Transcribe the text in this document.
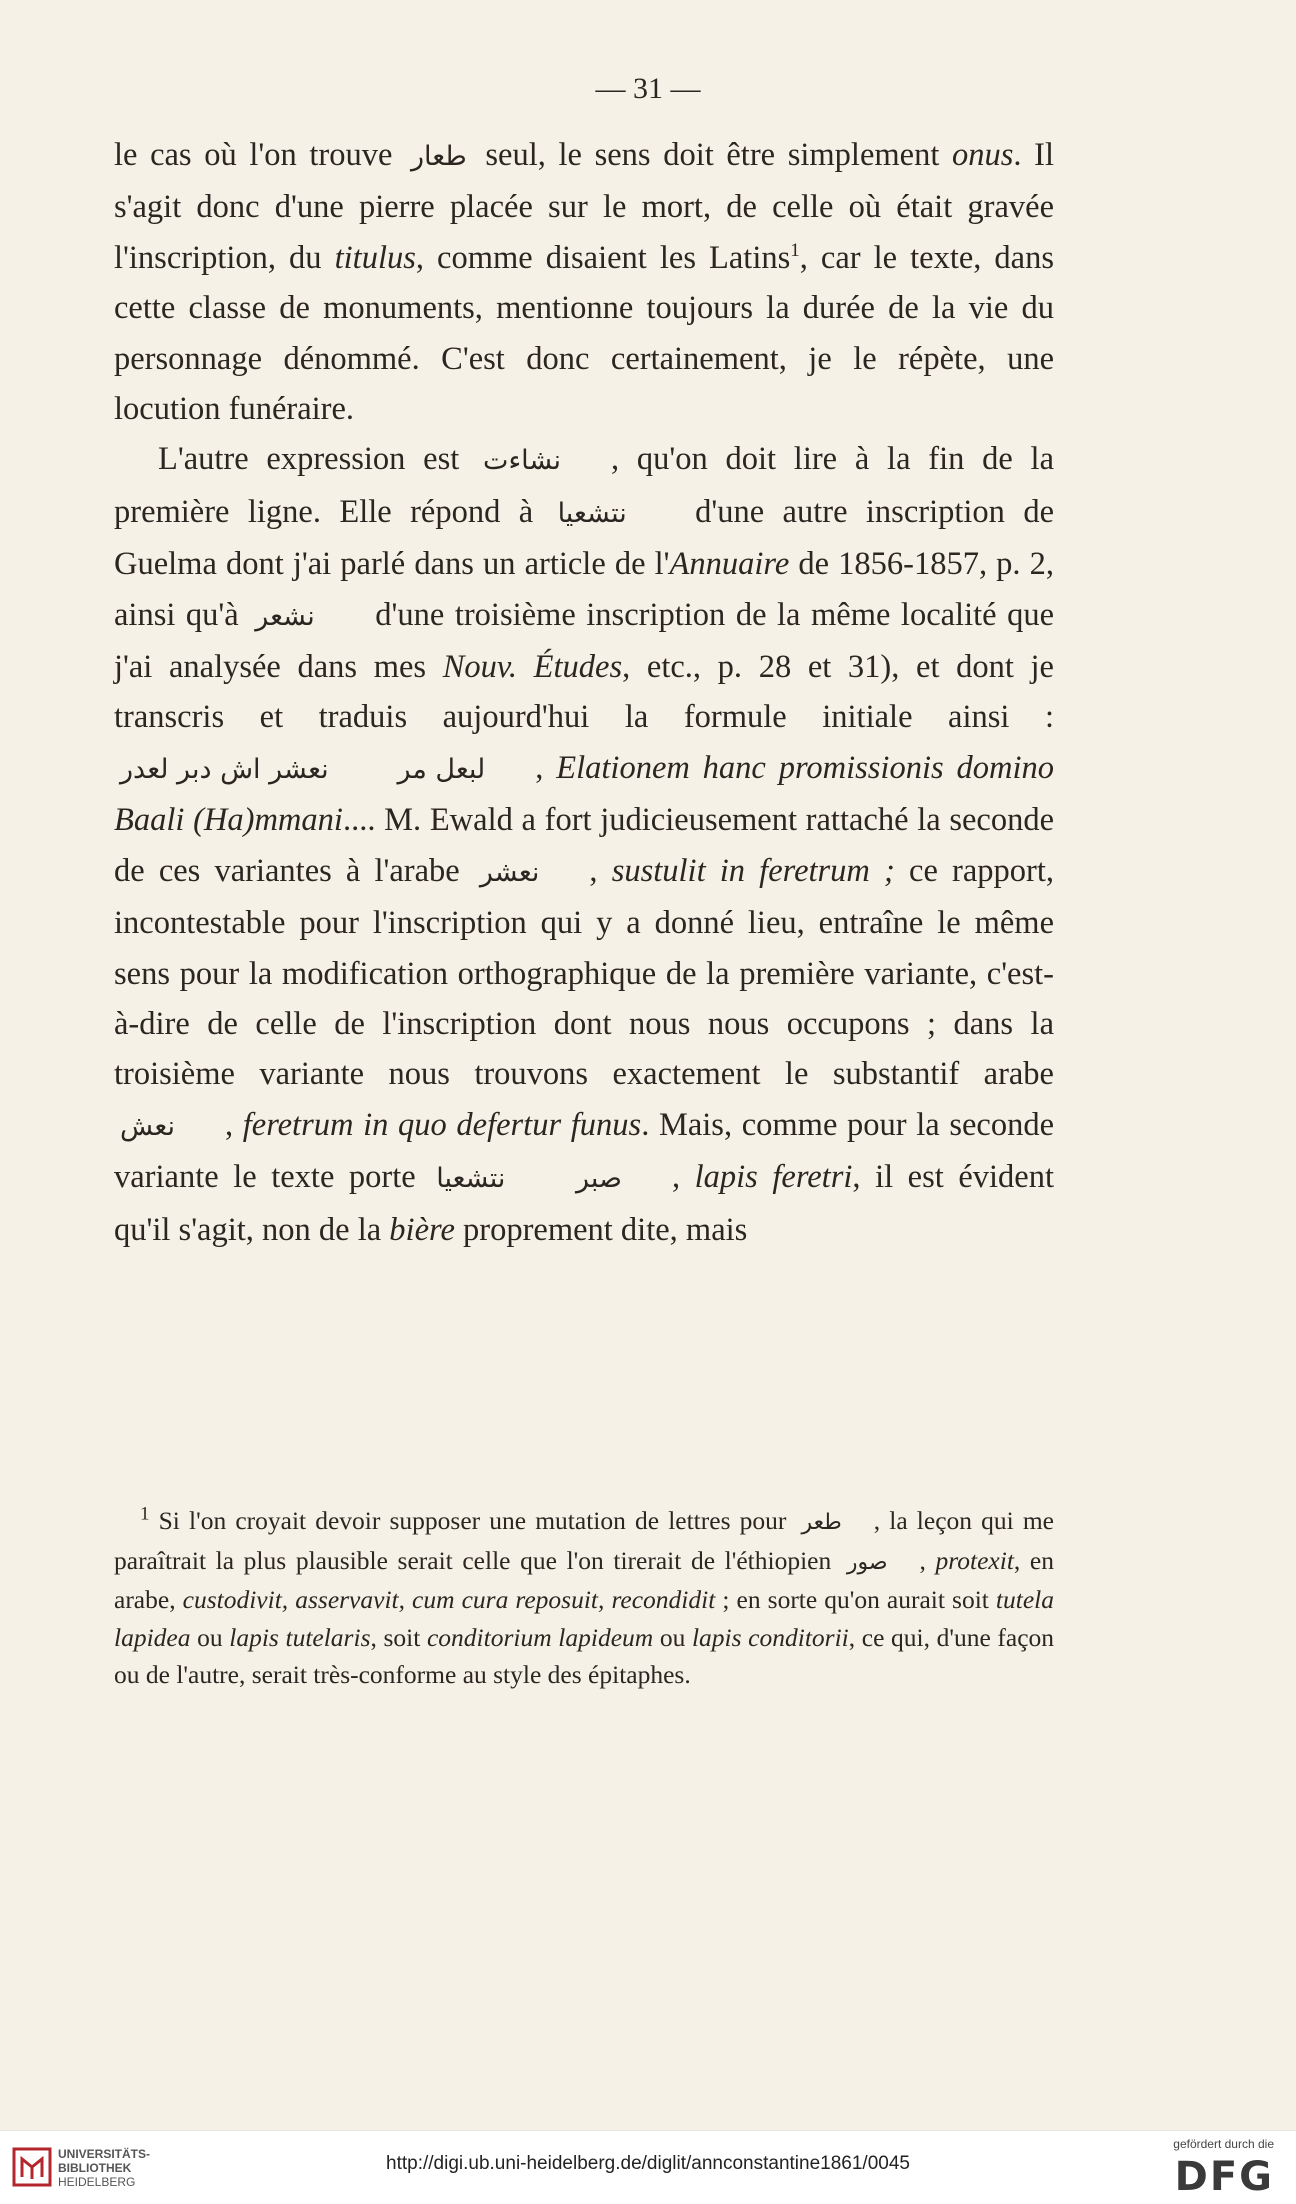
— 31 —

le cas où l'on trouve طعار seul, le sens doit être simplement onus. Il s'agit donc d'une pierre placée sur le mort, de celle où était gravée l'inscription, du titulus, comme disaient les Latins$^1$, car le texte, dans cette classe de monuments, mentionne toujours la durée de la vie du personnage dénommé. C'est donc certainement, je le répète, une locution funéraire.

L'autre expression est نشاءت , qu'on doit lire à la fin de la première ligne. Elle répond à نتشعيا d'une autre inscription de Guelma dont j'ai parlé dans un article de l'Annuaire de 1856-1857, p. 2, ainsi qu'à نشعر d'une troisième inscription de la même localité que j'ai analysée dans mes Nouv. Études, etc., p. 28 et 31), et dont je transcris et traduis aujourd'hui la formule initiale ainsi : نعشر اش دبر لعدر	لبعل مر , Elationem hanc promissionis domino Baali (Ha)mmani.... M. Ewald a fort judicieusement rattaché la seconde de ces variantes à l'arabe نعشر , sustulit in feretrum ; ce rapport, incontestable pour l'inscription qui y a donné lieu, entraîne le même sens pour la modification orthographique de la première variante, c'est-à-dire de celle de l'inscription dont nous nous occupons ; dans la troisième variante nous trouvons exactement le substantif arabe نعش , feretrum in quo defertur funus. Mais, comme pour la seconde variante le texte porte نتشعيا	صبر , lapis feretri, il est évident qu'il s'agit, non de la bière proprement dite, mais

$^1$ Si l'on croyait devoir supposer une mutation de lettres pour طعر , la leçon qui me paraîtrait la plus plausible serait celle que l'on tirerait de l'éthiopien صور , protexit, en arabe, custodivit, asservavit, cum cura reposuit, recondidit ; en sorte qu'on aurait soit tutela lapidea ou lapis tutelaris, soit conditorium lapideum ou lapis conditorii, ce qui, d'une façon ou de l'autre, serait très-conforme au style des épitaphes.

UNIVERSITÄTS-
BIBLIOTHEK
HEIDELBERG
http://digi.ub.uni-heidelberg.de/diglit/annconstantine1861/0045
gefördert durch die
DFG
